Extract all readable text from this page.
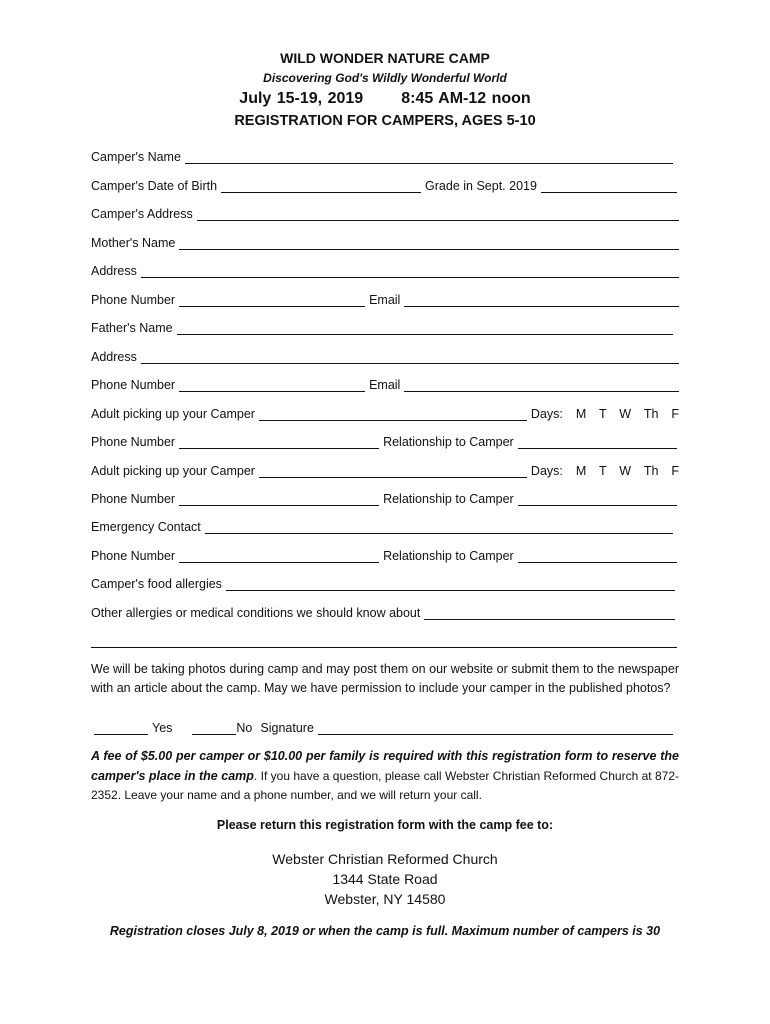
WILD WONDER NATURE CAMP
Discovering God's Wildly Wonderful World
July 15-19, 2019       8:45 AM-12 noon
REGISTRATION FOR CAMPERS, AGES 5-10
Camper's Name
Camper's Date of Birth	Grade in Sept. 2019
Camper's Address
Mother's Name
Address
Phone Number	Email
Father's Name
Address
Phone Number	Email
Adult picking up your Camper	Days:  M  T  W  Th  F
Phone Number	Relationship to Camper
Adult picking up your Camper	Days:  M  T  W  Th  F
Phone Number	Relationship to Camper
Emergency Contact
Phone Number	Relationship to Camper
Camper's food allergies
Other allergies or medical conditions we should know about
We will be taking photos during camp and may post them on our website or submit them to the newspaper with an article about the camp. May we have permission to include your camper in the published photos?
Yes	No Signature
A fee of $5.00 per camper or $10.00 per family is required with this registration form to reserve the camper's place in the camp. If you have a question, please call Webster Christian Reformed Church at 872-2352. Leave your name and a phone number, and we will return your call.
Please return this registration form with the camp fee to:
Webster Christian Reformed Church
1344 State Road
Webster, NY 14580
Registration closes July 8, 2019 or when the camp is full. Maximum number of campers is 30
